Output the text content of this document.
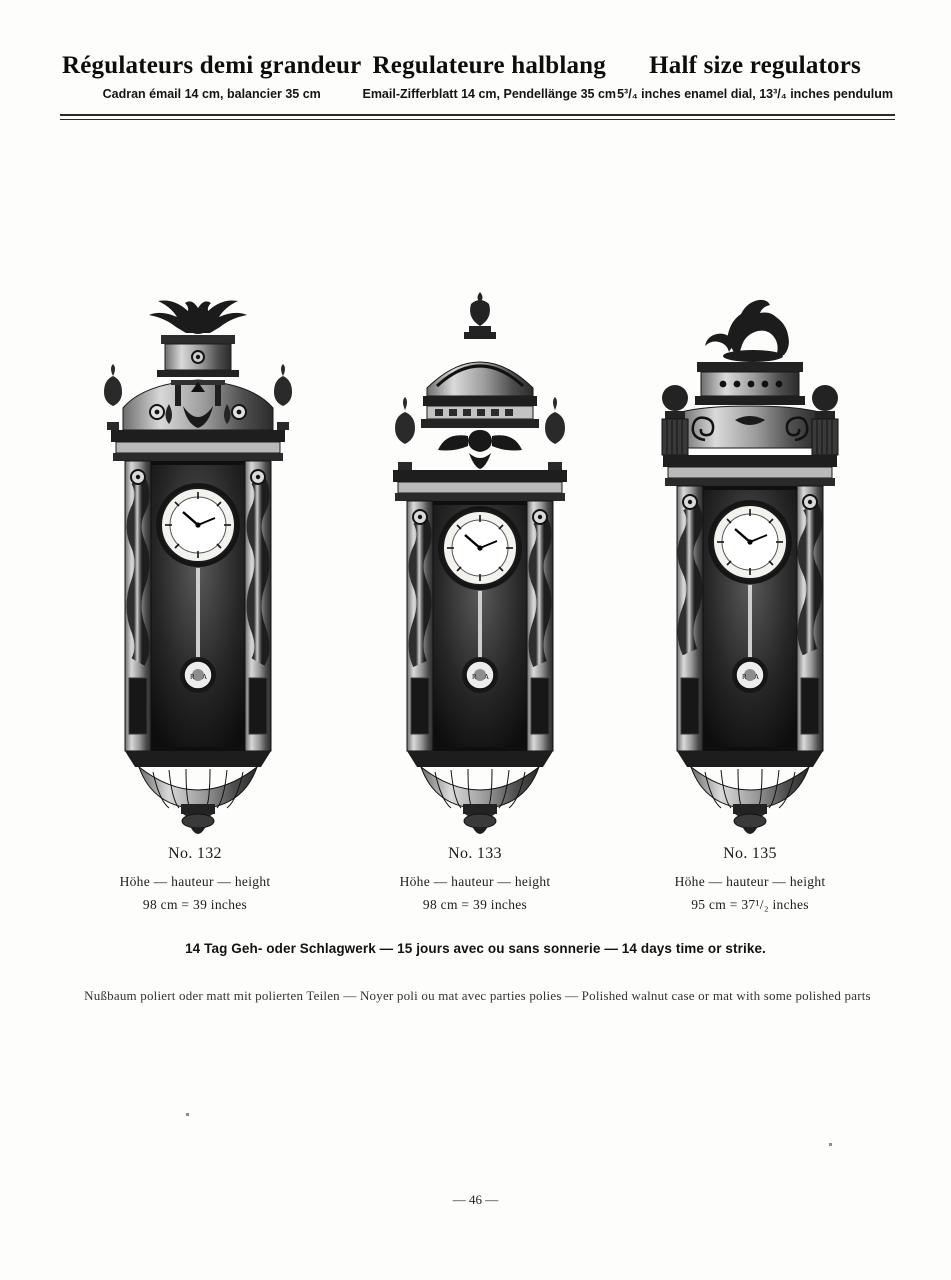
Régulateurs demi grandeur
Cadran émail 14 cm, balancier 35 cm
Regulateure halblang
Email-Zifferblatt 14 cm, Pendellänge 35 cm
Half size regulators
5³/₄ inches enamel dial, 13³/₄ inches pendulum
R A	R A	R A
No. 132
Höhe — hauteur — height
98 cm = 39 inches
No. 133
Höhe — hauteur — height
98 cm = 39 inches
No. 135
Höhe — hauteur — height
95 cm = 37¹/₂ inches
14 Tag Geh- oder Schlagwerk — 15 jours avec ou sans sonnerie — 14 days time or strike.
Nußbaum poliert oder matt mit polierten Teilen — Noyer poli ou mat avec parties polies — Polished walnut case or mat with some polished parts
— 46 —
